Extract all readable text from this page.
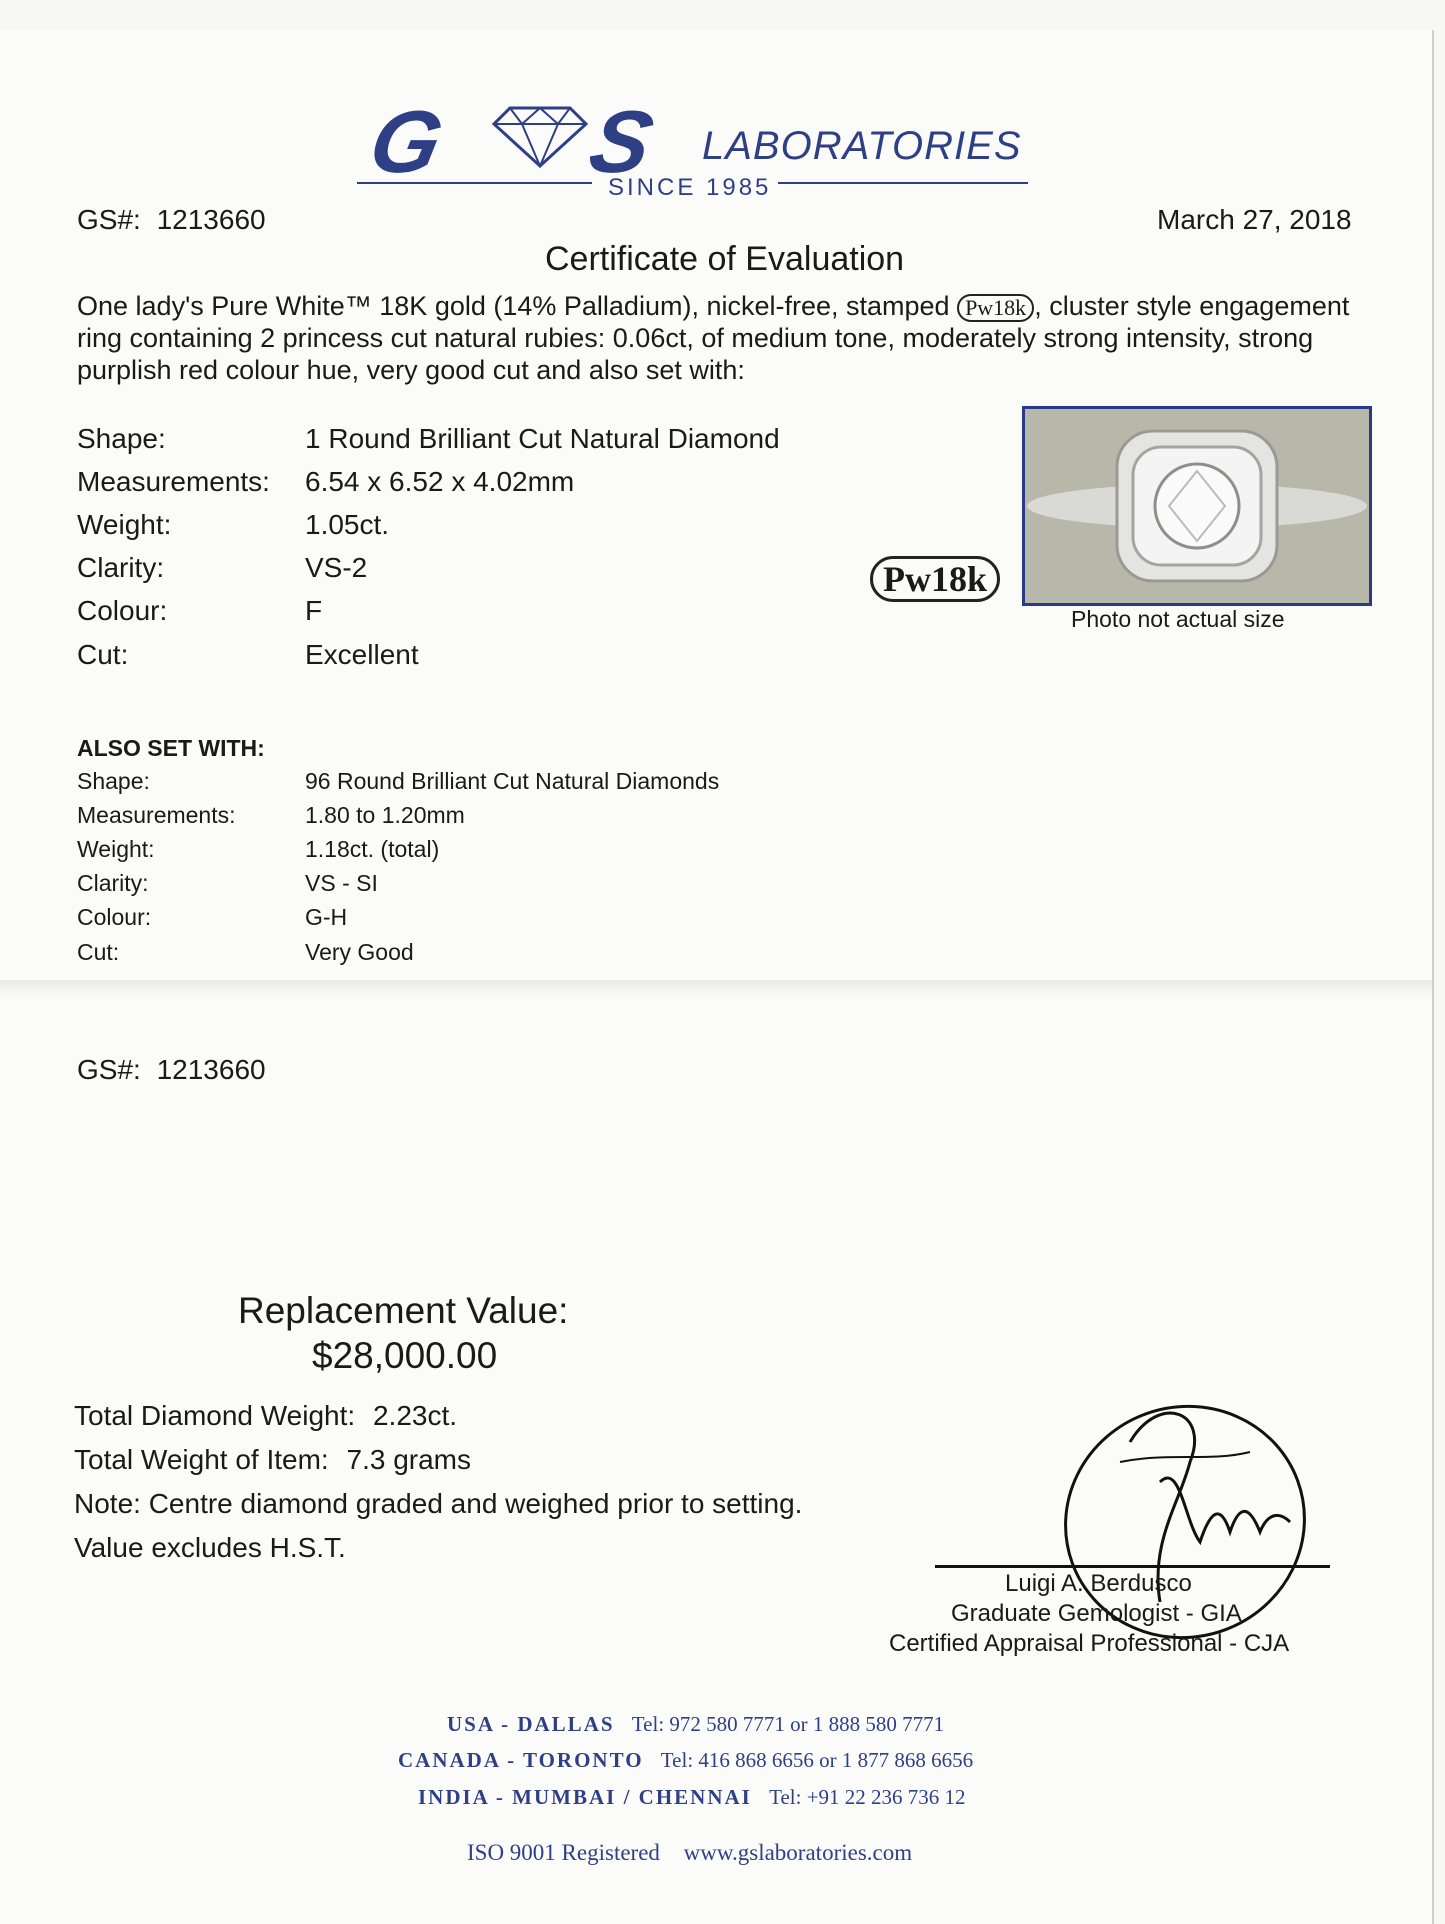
G S LABORATORIES
SINCE 1985
GS#: 1213660	March 27, 2018
Certificate of Evaluation
One lady's Pure White™ 18K gold (14% Palladium), nickel-free, stamped Pw18k , cluster style engagement ring containing 2 princess cut natural rubies: 0.06ct, of medium tone, moderately strong intensity, strong purplish red colour hue, very good cut and also set with:
Shape:	1 Round Brilliant Cut Natural Diamond
Measurements: 6.54 x 6.52 x 4.02mm
Weight:	1.05ct.
Clarity:	VS-2
Colour:	F
Cut:	Excellent
Pw18k
Photo not actual size
ALSO SET WITH:
Shape:	96 Round Brilliant Cut Natural Diamonds
Measurements:	1.80 to 1.20mm
Weight:	1.18ct. (total)
Clarity:	VS - SI
Colour:	G-H
Cut:	Very Good
GS#: 1213660
Replacement Value:
$28,000.00
Total Diamond Weight: 2.23ct.
Total Weight of Item: 7.3 grams
Note: Centre diamond graded and weighed prior to setting.
Value excludes H.S.T.
Luigi A. Berdusco
Graduate Gemologist - GIA
Certified Appraisal Professional - CJA
USA - DALLAS Tel: 972 580 7771 or 1 888 580 7771
CANADA - TORONTO Tel: 416 868 6656 or 1 877 868 6656
INDIA - MUMBAI / CHENNAI Tel: +91 22 236 736 12
ISO 9001 Registered www.gslaboratories.com
